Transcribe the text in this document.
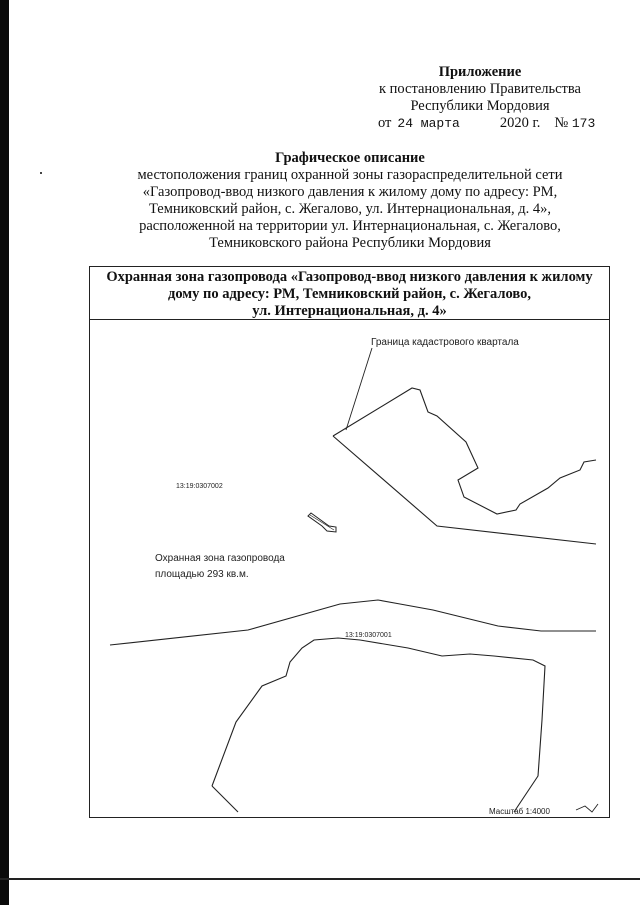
Приложение
к постановлению Правительства
Республики Мордовия
от 24 марта	2020 г. № 173
Графическое описание
местоположения границ охранной зоны газораспределительной сети
«Газопровод-ввод низкого давления к жилому дому по адресу: РМ,
Темниковский район, с. Жегалово, ул. Интернациональная, д. 4»,
расположенной на территории ул. Интернациональная, с. Жегалово,
Темниковского района Республики Мордовия
Охранная зона газопровода «Газопровод-ввод низкого давления к жилому
дому по адресу: РМ, Темниковский район, с. Жегалово,
ул. Интернациональная, д. 4»
Граница кадастрового квартала
13:19:0307002
13:19:0307001
Охранная зона газопровода
площадью 293 кв.м.
Масштаб 1:4000
